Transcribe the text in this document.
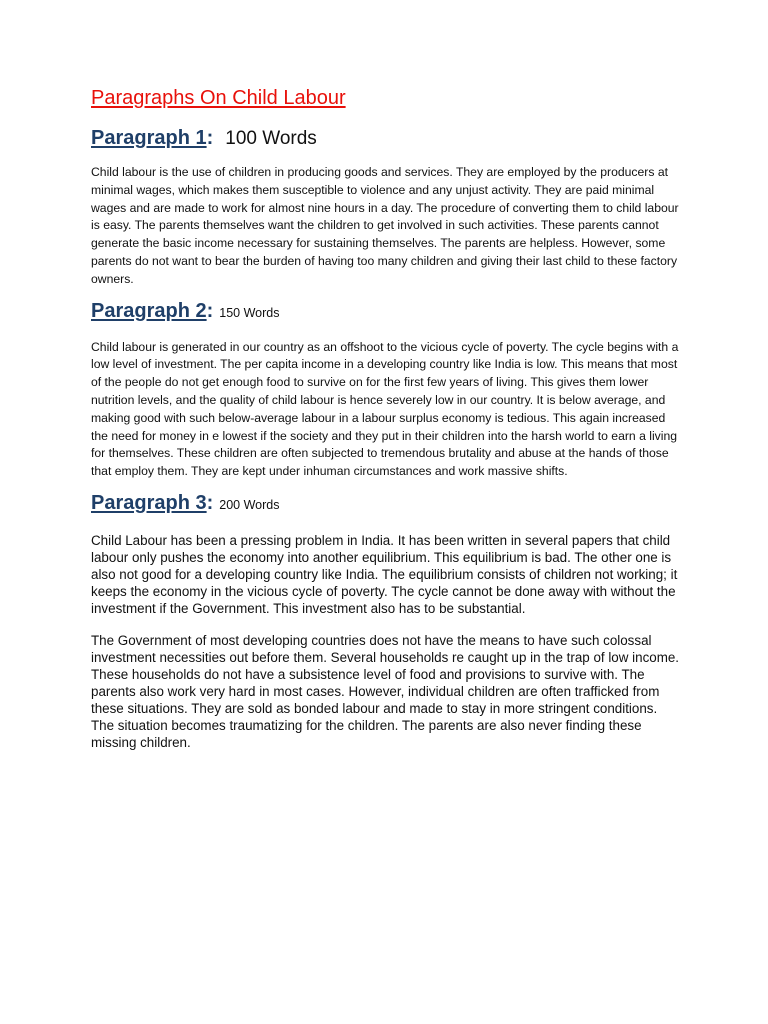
Paragraphs On Child Labour
Paragraph 1: 100 Words

Child labour is the use of children in producing goods and services. They are employed by the producers at minimal wages, which makes them susceptible to violence and any unjust activity. They are paid minimal wages and are made to work for almost nine hours in a day. The procedure of converting them to child labour is easy. The parents themselves want the children to get involved in such activities. These parents cannot generate the basic income necessary for sustaining themselves. The parents are helpless. However, some parents do not want to bear the burden of having too many children and giving their last child to these factory owners.

Paragraph 2: 150 Words

Child labour is generated in our country as an offshoot to the vicious cycle of poverty. The cycle begins with a low level of investment. The per capita income in a developing country like India is low. This means that most of the people do not get enough food to survive on for the first few years of living. This gives them lower nutrition levels, and the quality of child labour is hence severely low in our country. It is below average, and making good with such below-average labour in a labour surplus economy is tedious. This again increased the need for money in e lowest if the society and they put in their children into the harsh world to earn a living for themselves. These children are often subjected to tremendous brutality and abuse at the hands of those that employ them. They are kept under inhuman circumstances and work massive shifts.

Paragraph 3: 200 Words

Child Labour has been a pressing problem in India. It has been written in several papers that child labour only pushes the economy into another equilibrium. This equilibrium is bad. The other one is also not good for a developing country like India. The equilibrium consists of children not working; it keeps the economy in the vicious cycle of poverty. The cycle cannot be done away with without the investment if the Government. This investment also has to be substantial.

The Government of most developing countries does not have the means to have such colossal investment necessities out before them. Several households re caught up in the trap of low income. These households do not have a subsistence level of food and provisions to survive with. The parents also work very hard in most cases. However, individual children are often trafficked from these situations. They are sold as bonded labour and made to stay in more stringent conditions. The situation becomes traumatizing for the children. The parents are also never finding these missing children.
